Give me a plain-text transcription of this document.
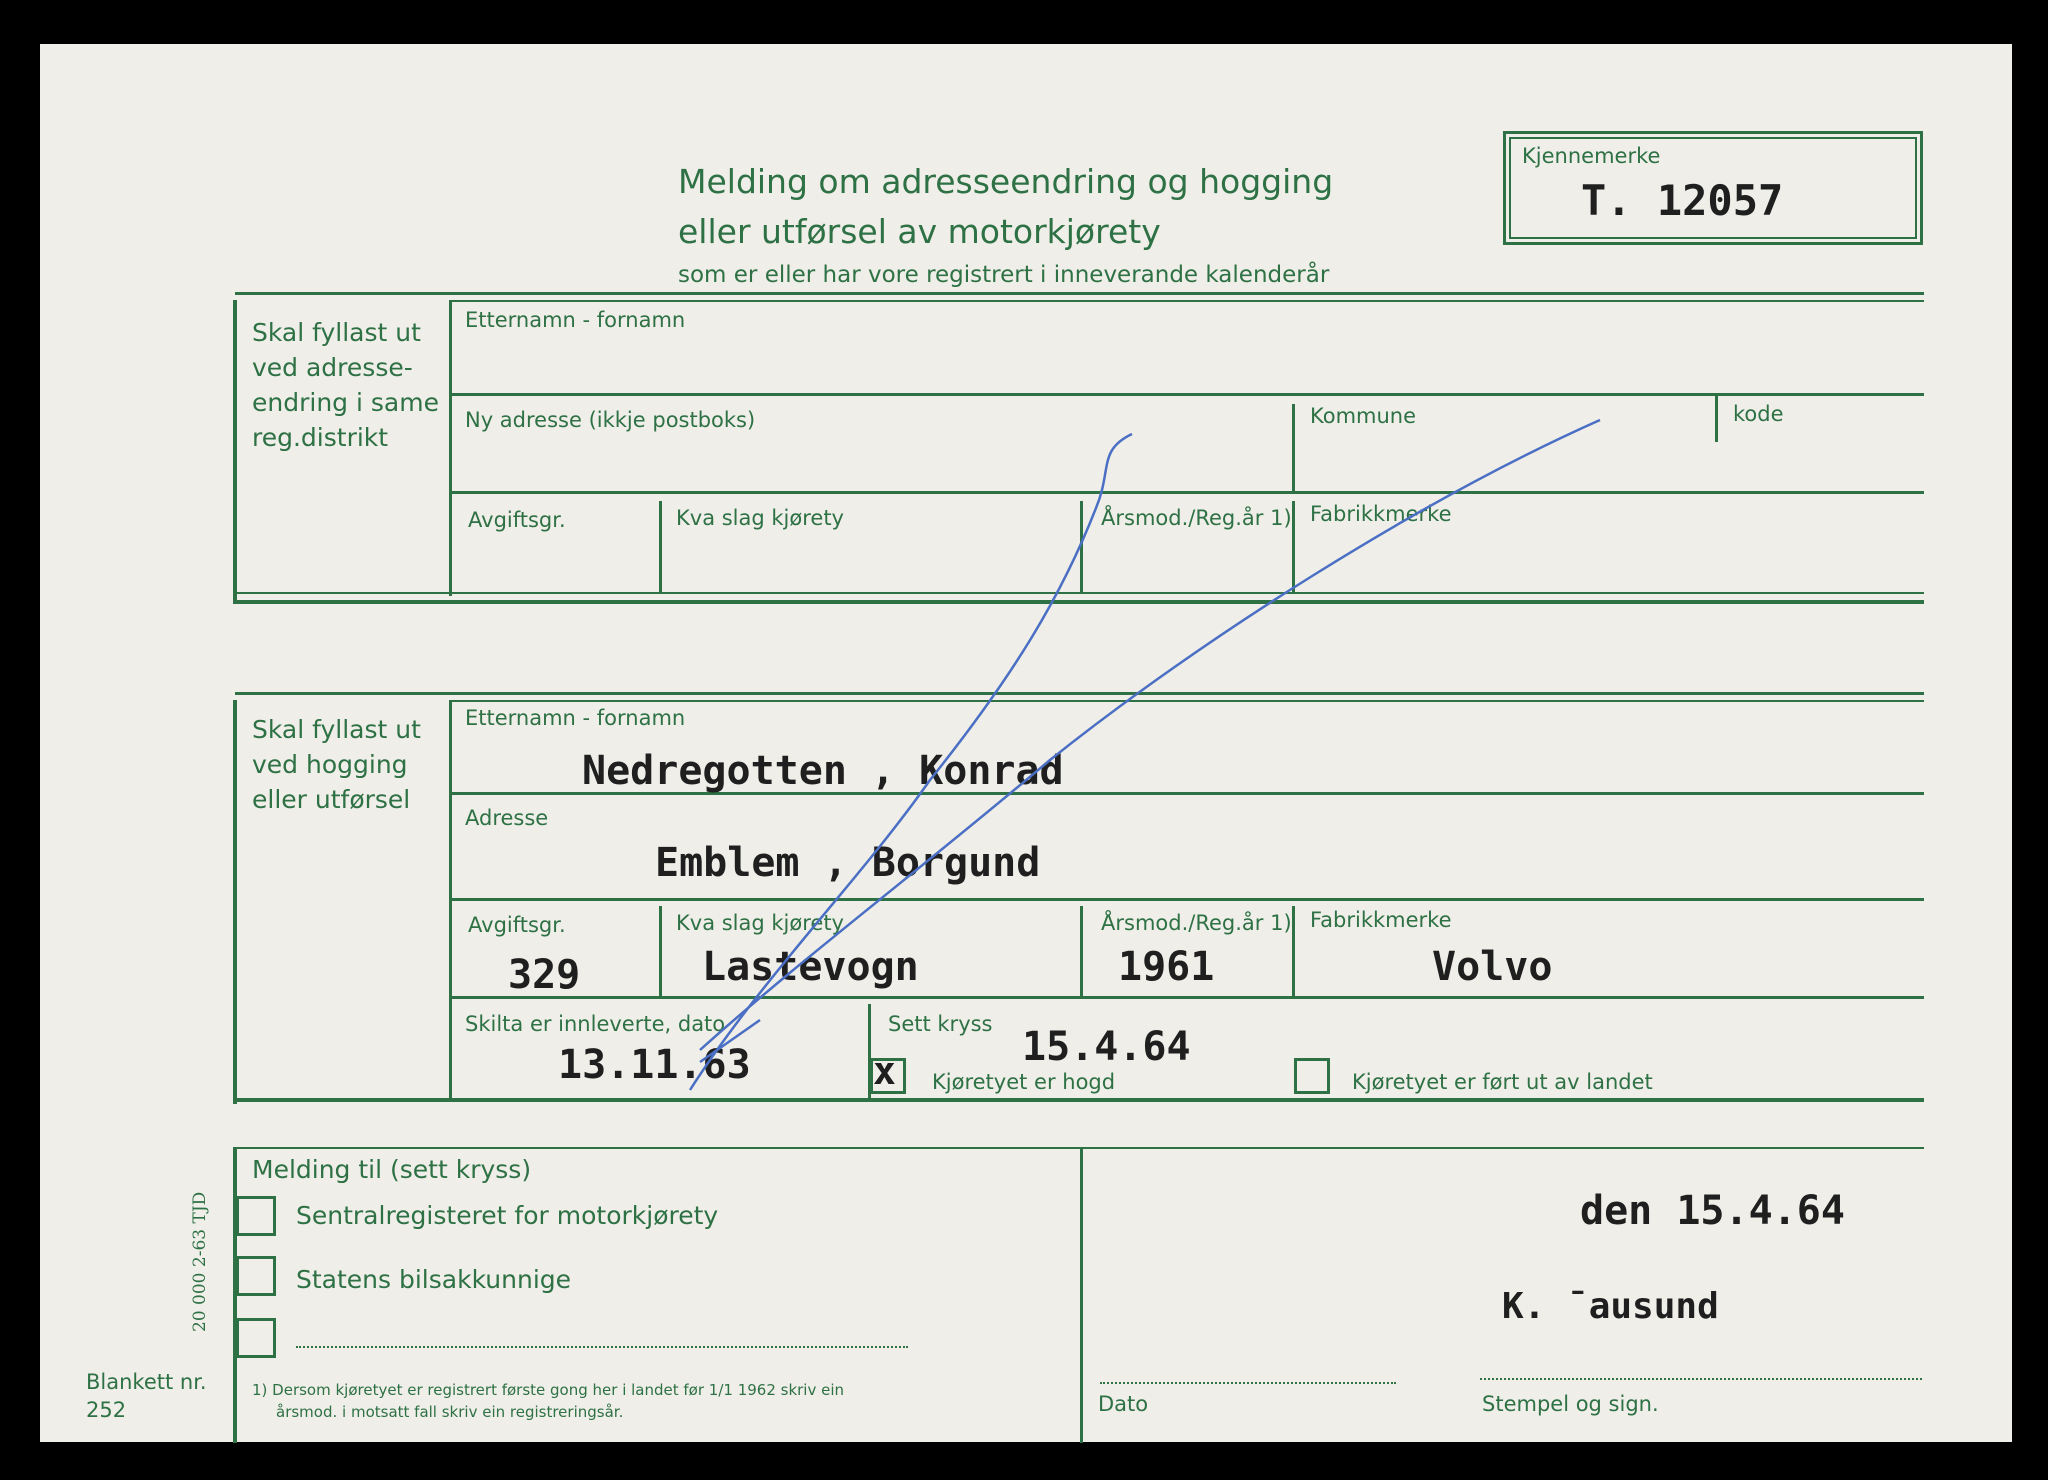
Melding om adresseendring og hogging
eller utførsel av motorkjørety
som er eller har vore registrert i inneverande kalenderår
Kjennemerke
T. 12057
Skal fyllast ut
ved adresse-
endring i same
reg.distrikt
Etternamn - fornamn
Ny adresse (ikkje postboks)	Kommune	kode
Avgiftsgr.	Kva slag kjørety	Årsmod./Reg.år 1) Fabrikkmerke
Skal fyllast ut
ved hogging
eller utførsel
Etternamn - fornamn
Nedregotten , Konrad
Adresse
Emblem , Borgund
Avgiftsgr.
329
Kva slag kjørety
Lastevogn
Årsmod./Reg.år 1)
1961
Fabrikkmerke
Volvo
Skilta er innleverte, dato
13.11.63
Sett kryss 15.4.64
x Kjøretyet er hogd	Kjøretyet er ført ut av landet
Melding til (sett kryss)
Sentralregisteret for motorkjørety
Statens bilsakkunnige
1) Dersom kjøretyet er registrert første gong her i landet før 1/1 1962 skriv ein
årsmod. i motsatt fall skriv ein registreringsår.	Dato
den 15.4.64
K. ˉausund
Stempel og sign.
Blankett nr.
252
20 000 2-63 TJD
